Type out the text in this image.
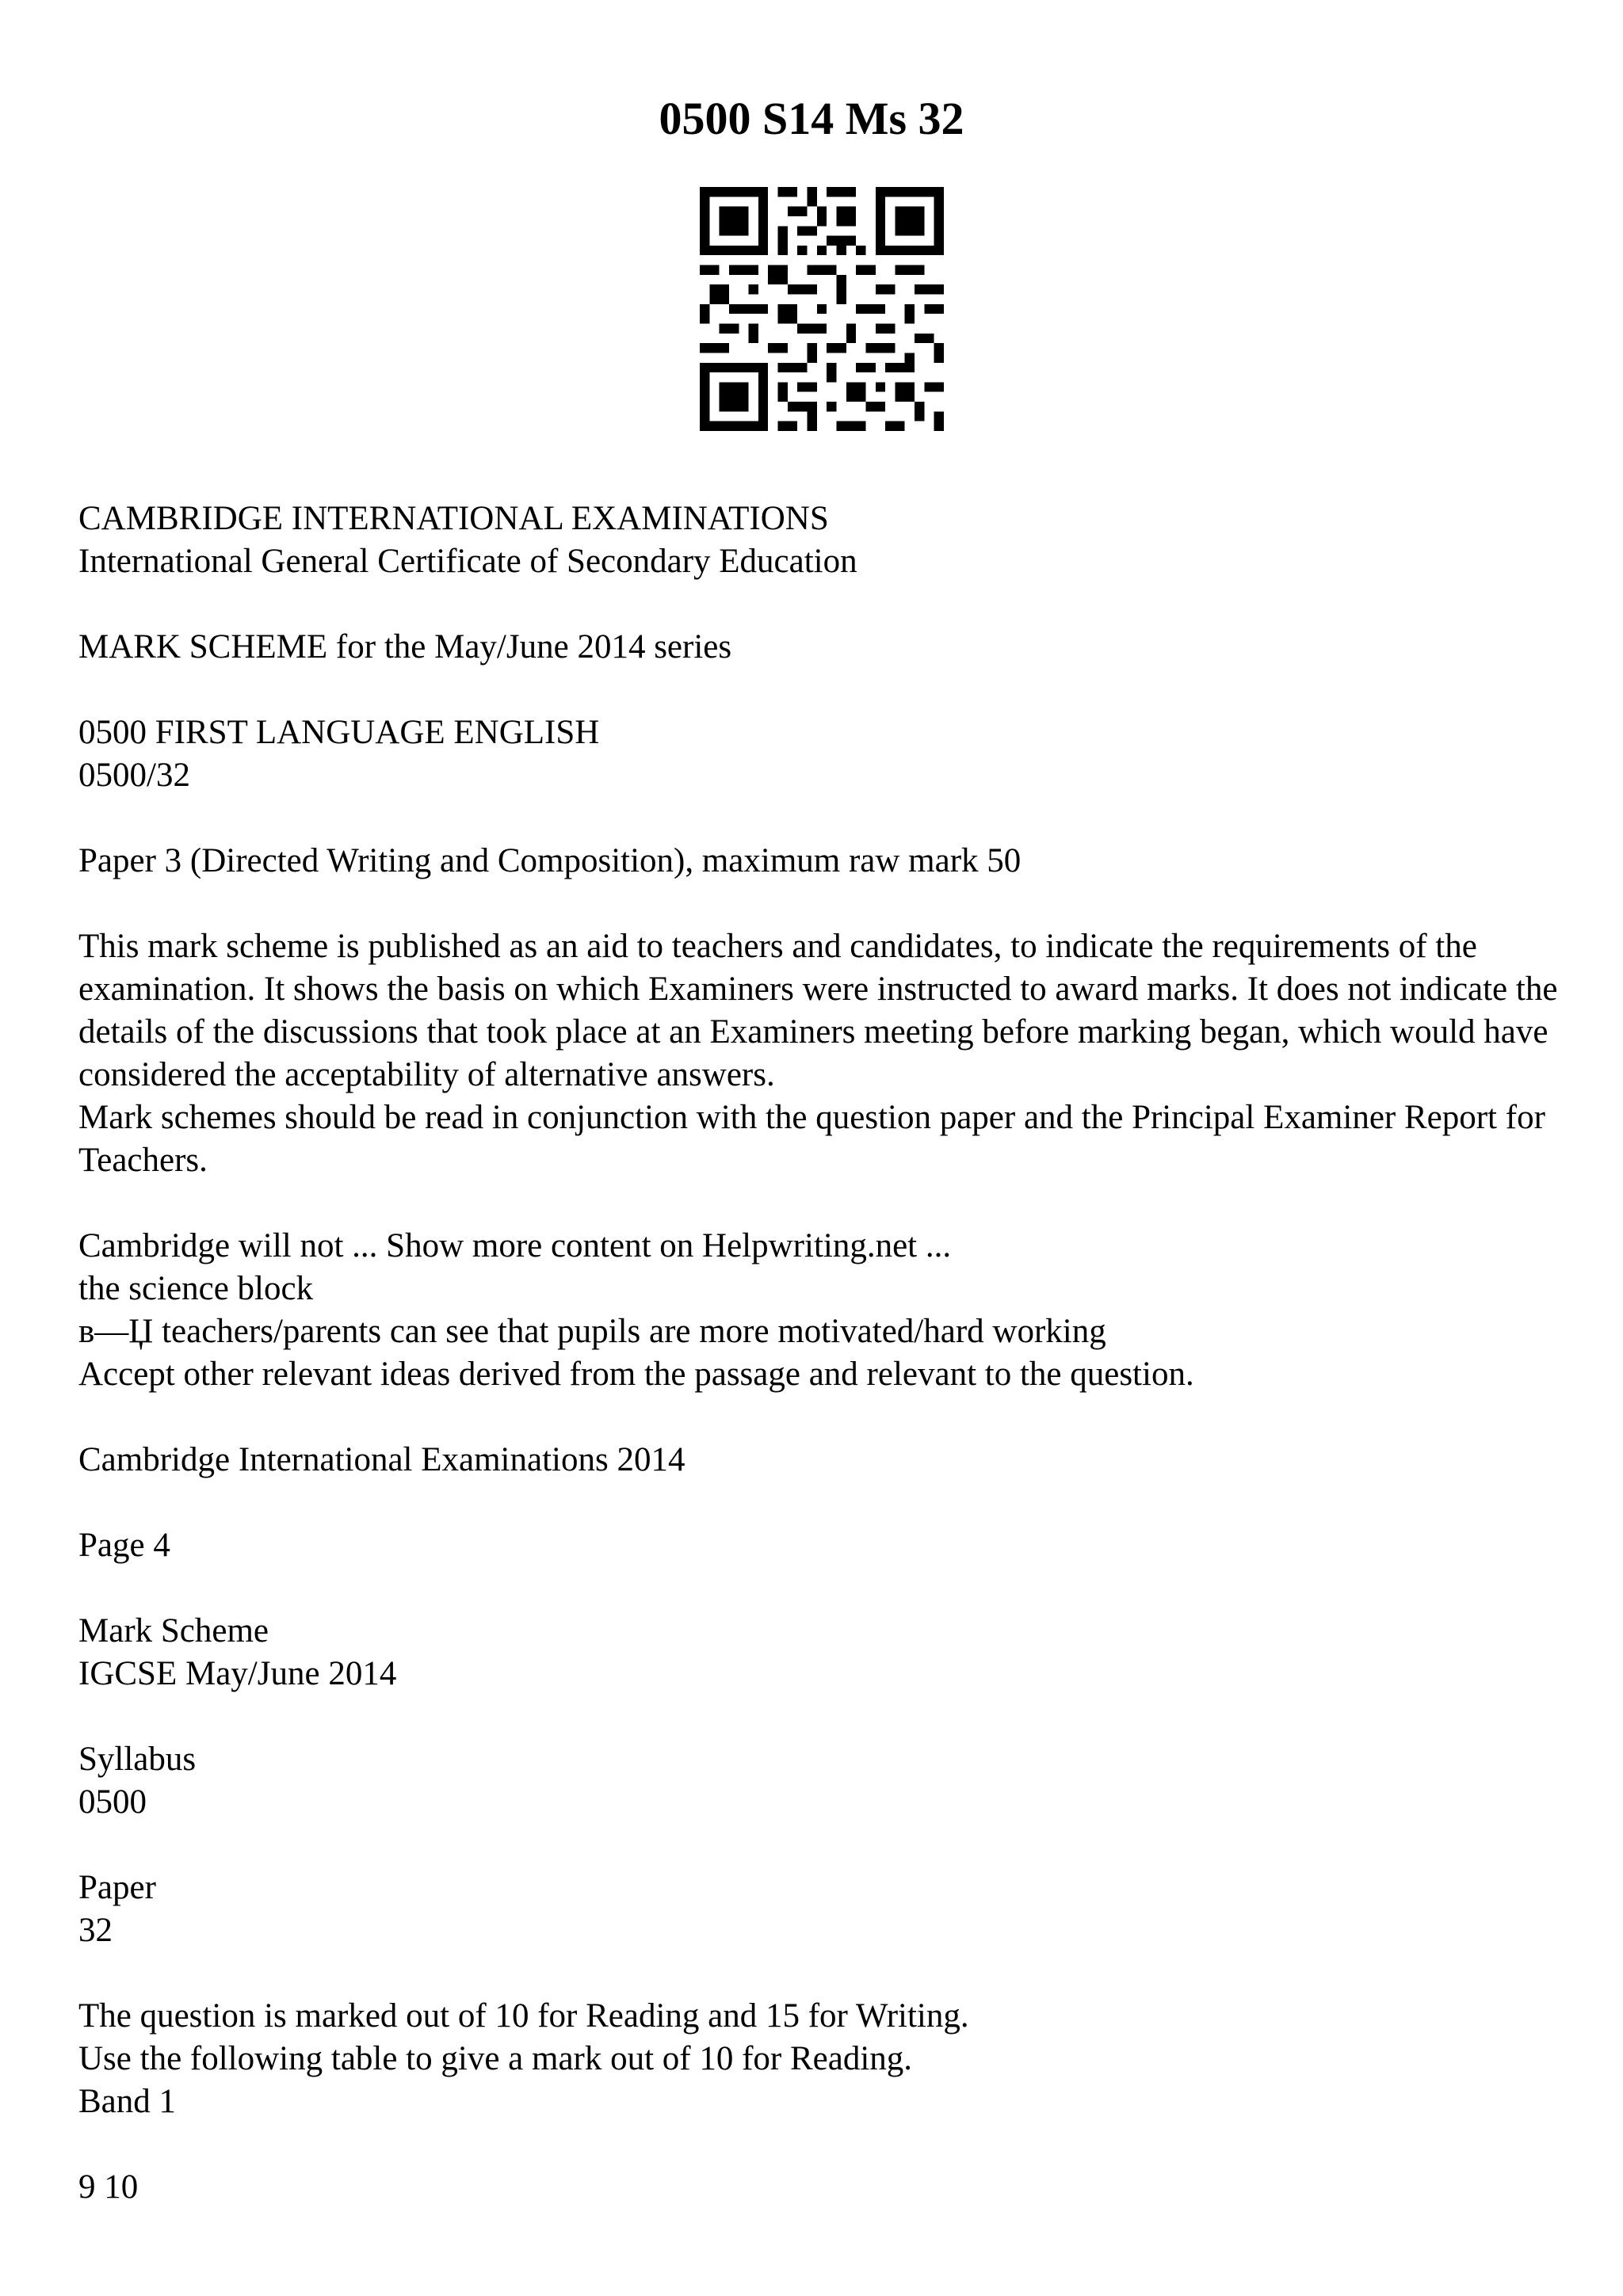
0500 S14 Ms 32

CAMBRIDGE INTERNATIONAL EXAMINATIONS
International General Certificate of Secondary Education

MARK SCHEME for the May/June 2014 series

0500 FIRST LANGUAGE ENGLISH
0500/32

Paper 3 (Directed Writing and Composition), maximum raw mark 50

This mark scheme is published as an aid to teachers and candidates, to indicate the requirements of the examination. It shows the basis on which Examiners were instructed to award marks. It does not indicate the details of the discussions that took place at an Examiners meeting before marking began, which would have considered the acceptability of alternative answers.
Mark schemes should be read in conjunction with the question paper and the Principal Examiner Report for Teachers.

Cambridge will not ... Show more content on Helpwriting.net ...
the science block
в—Џ teachers/parents can see that pupils are more motivated/hard working
Accept other relevant ideas derived from the passage and relevant to the question.

Cambridge International Examinations 2014

Page 4

Mark Scheme
IGCSE May/June 2014

Syllabus
0500

Paper
32

The question is marked out of 10 for Reading and 15 for Writing.
Use the following table to give a mark out of 10 for Reading.
Band 1

9 10
